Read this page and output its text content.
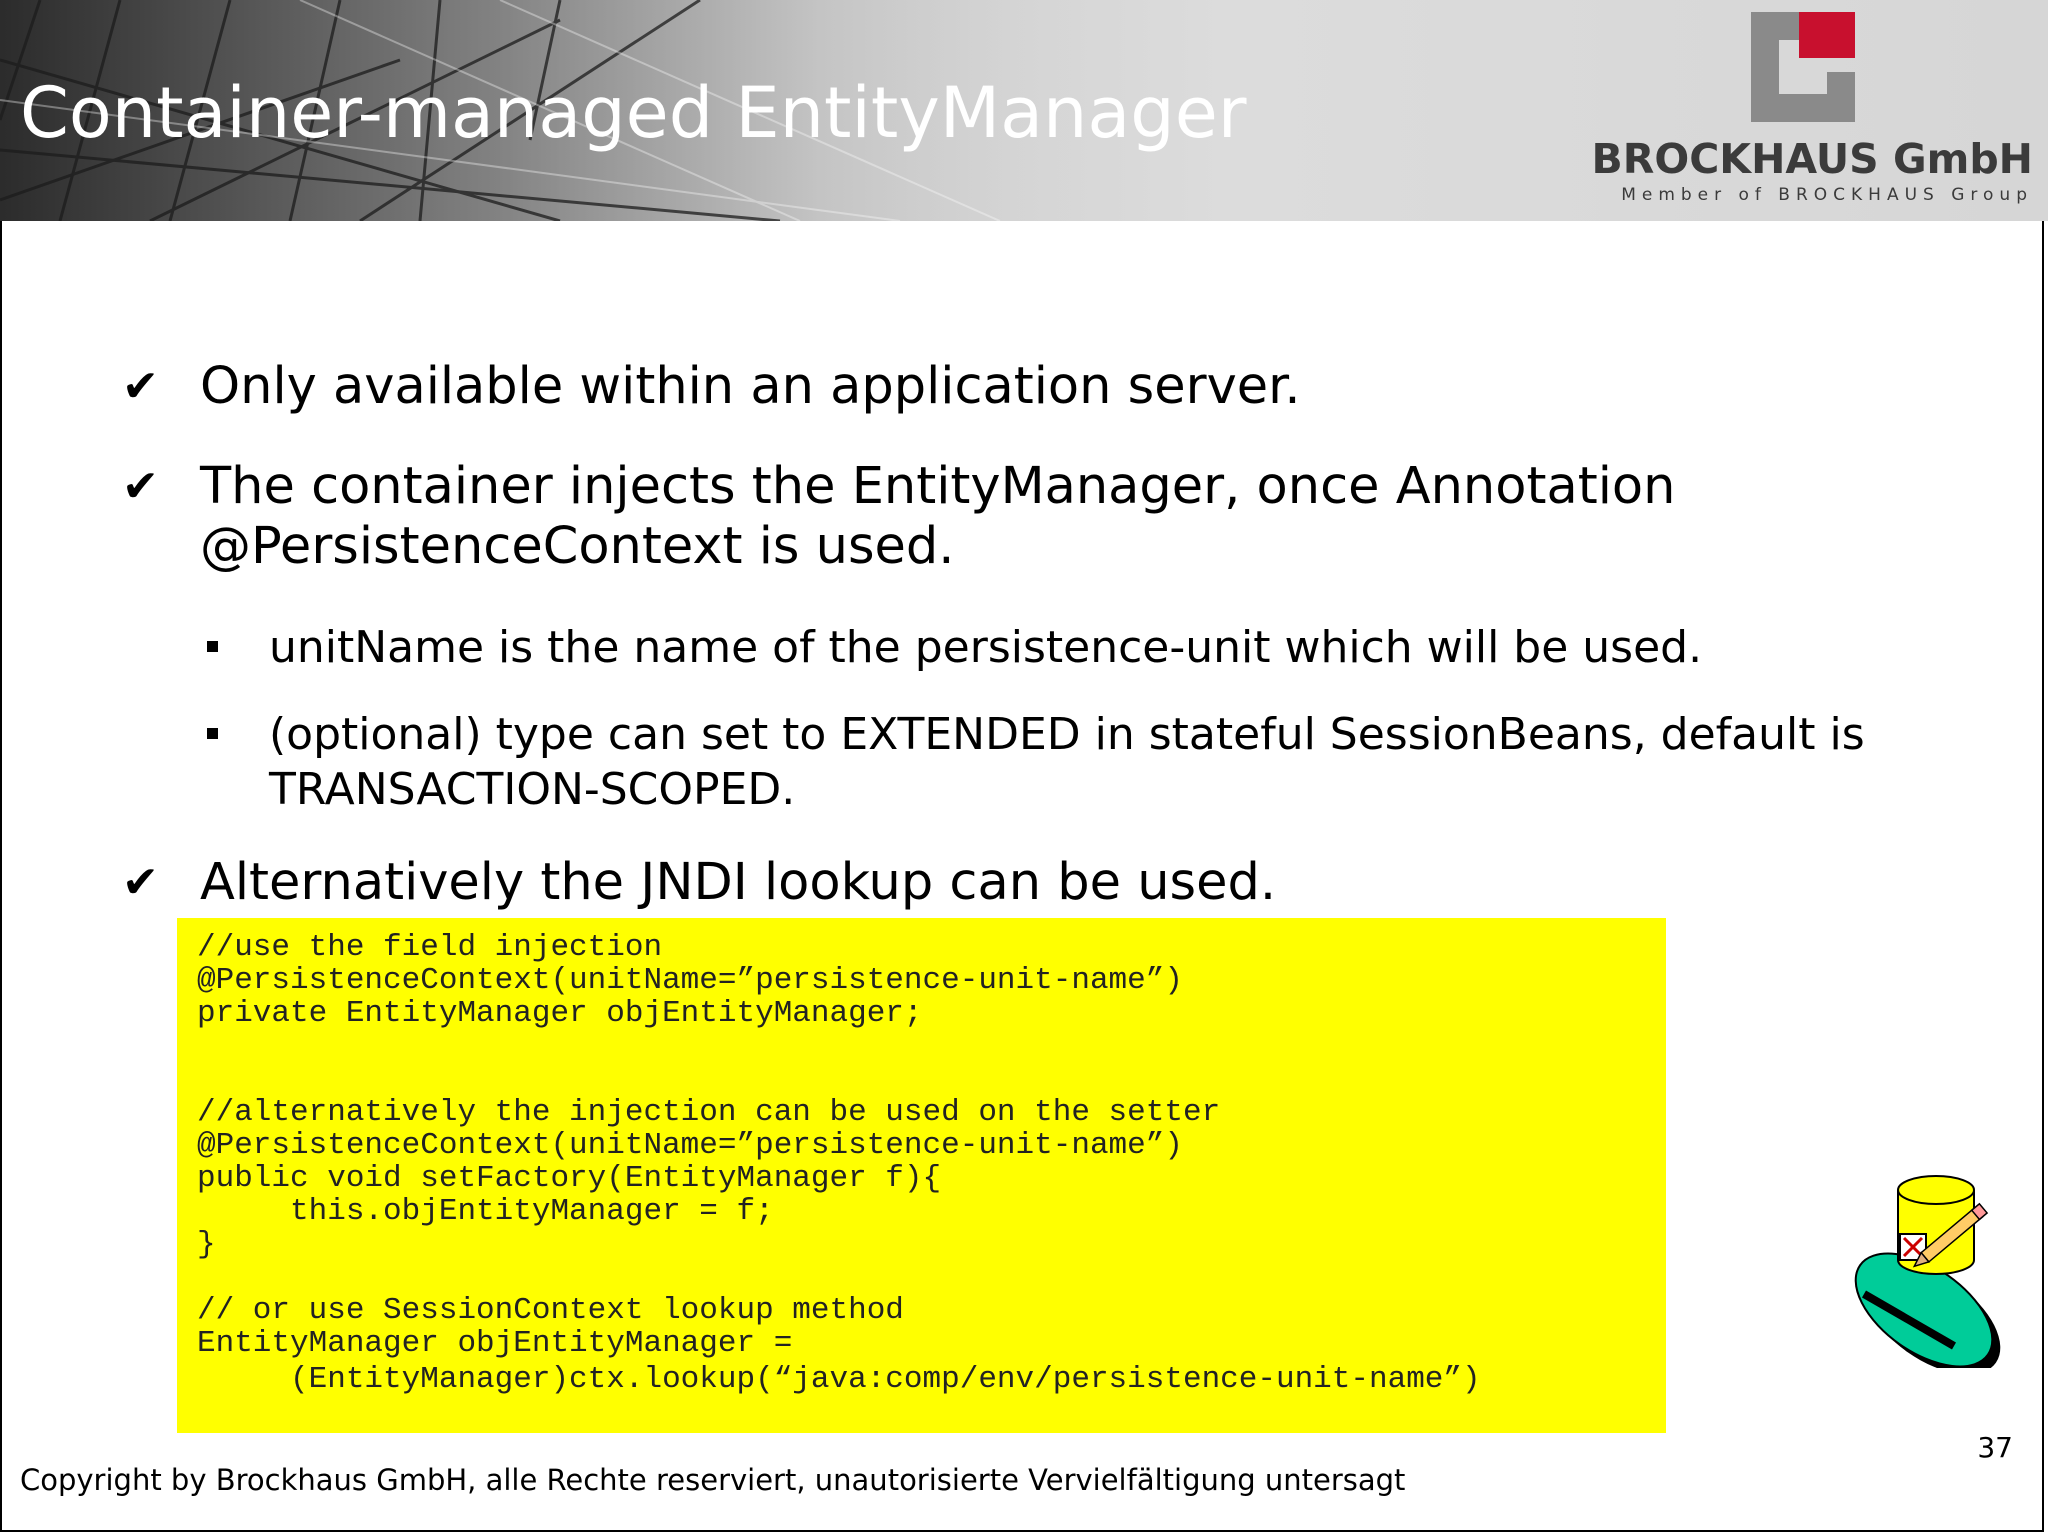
Container-managed EntityManager
BROCKHAUS GmbH
Member of BROCKHAUS Group
✔ Only available within an application server.
✔ The container injects the EntityManager, once Annotation
@PersistenceContext is used.
unitName is the name of the persistence-unit which will be used.
(optional) type can set to EXTENDED in stateful SessionBeans, default is
TRANSACTION-SCOPED.
✔ Alternatively the JNDI lookup can be used.
//use the field injection
@PersistenceContext(unitName=”persistence-unit-name”)
private EntityManager objEntityManager;
//alternatively the injection can be used on the setter
@PersistenceContext(unitName=”persistence-unit-name”)
public void setFactory(EntityManager f){
this.objEntityManager = f;
}
// or use SessionContext lookup method
EntityManager objEntityManager =
(EntityManager)ctx.lookup(“java:comp/env/persistence-unit-name”)
37
Copyright by Brockhaus GmbH, alle Rechte reserviert, unautorisierte Vervielfältigung untersagt
